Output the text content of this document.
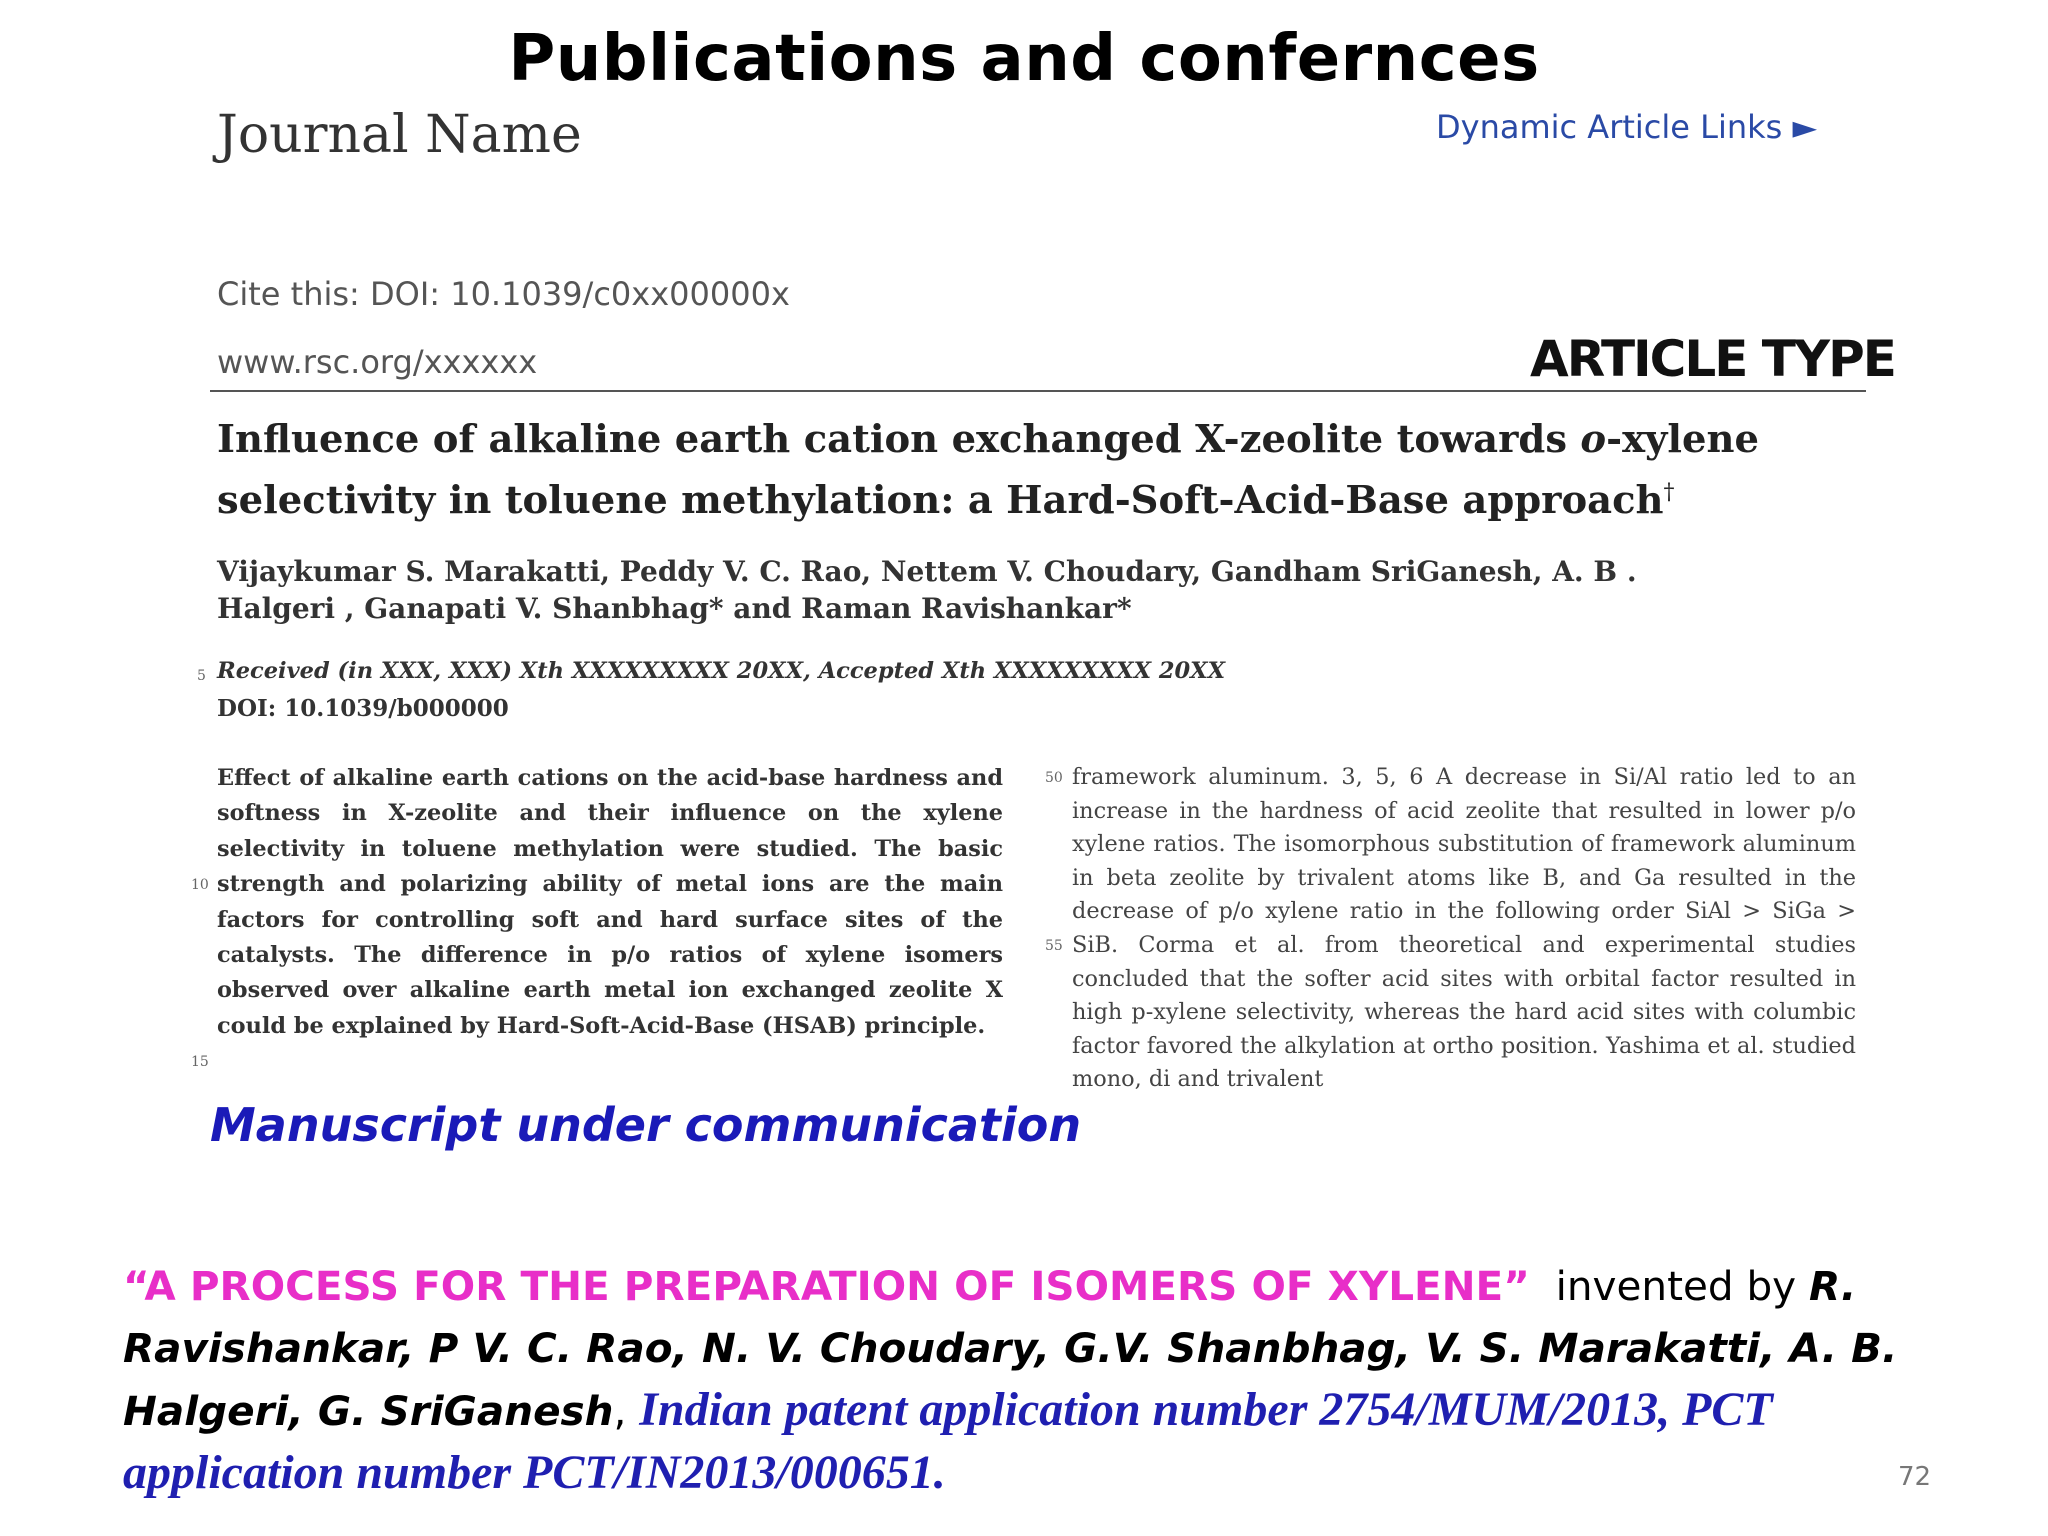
Publications and confernces
Journal Name	Dynamic Article Links ►
Cite this: DOI: 10.1039/c0xx00000x
www.rsc.org/xxxxxx	ARTICLE TYPE
Influence of alkaline earth cation exchanged X-zeolite towards o-xylene
selectivity in toluene methylation: a Hard-Soft-Acid-Base approach†
Vijaykumar S. Marakatti, Peddy V. C. Rao, Nettem V. Choudary, Gandham SriGanesh, A. B .
Halgeri , Ganapati V. Shanbhag* and Raman Ravishankar*
5 Received (in XXX, XXX) Xth XXXXXXXXX 20XX, Accepted Xth XXXXXXXXX 20XX
DOI: 10.1039/b000000
10
15
Effect of alkaline earth cations on the acid-base hardness and softness in X-zeolite and their influence on the xylene selectivity in toluene methylation were studied. The basic strength and polarizing ability of metal ions are the main factors for controlling soft and hard surface sites of the catalysts. The difference in p/o ratios of xylene isomers observed over alkaline earth metal ion exchanged zeolite X could be explained by Hard-Soft-Acid-Base (HSAB) principle.
50
55
framework aluminum. 3, 5, 6 A decrease in Si/Al ratio led to an increase in the hardness of acid zeolite that resulted in lower p/o xylene ratios. The isomorphous substitution of framework aluminum in beta zeolite by trivalent atoms like B, and Ga resulted in the decrease of p/o xylene ratio in the following order SiAl > SiGa > SiB. Corma et al. from theoretical and experimental studies concluded that the softer acid sites with orbital factor resulted in high p-xylene selectivity, whereas the hard acid sites with columbic factor favored the alkylation at ortho position. Yashima et al. studied mono, di and trivalent
Manuscript under communication
“A PROCESS FOR THE PREPARATION OF ISOMERS OF XYLENE” invented by R. Ravishankar, P V. C. Rao, N. V. Choudary, G.V. Shanbhag, V. S. Marakatti, A. B. Halgeri, G. SriGanesh, Indian patent application number 2754/MUM/2013, PCT application number PCT/IN2013/000651.	72
